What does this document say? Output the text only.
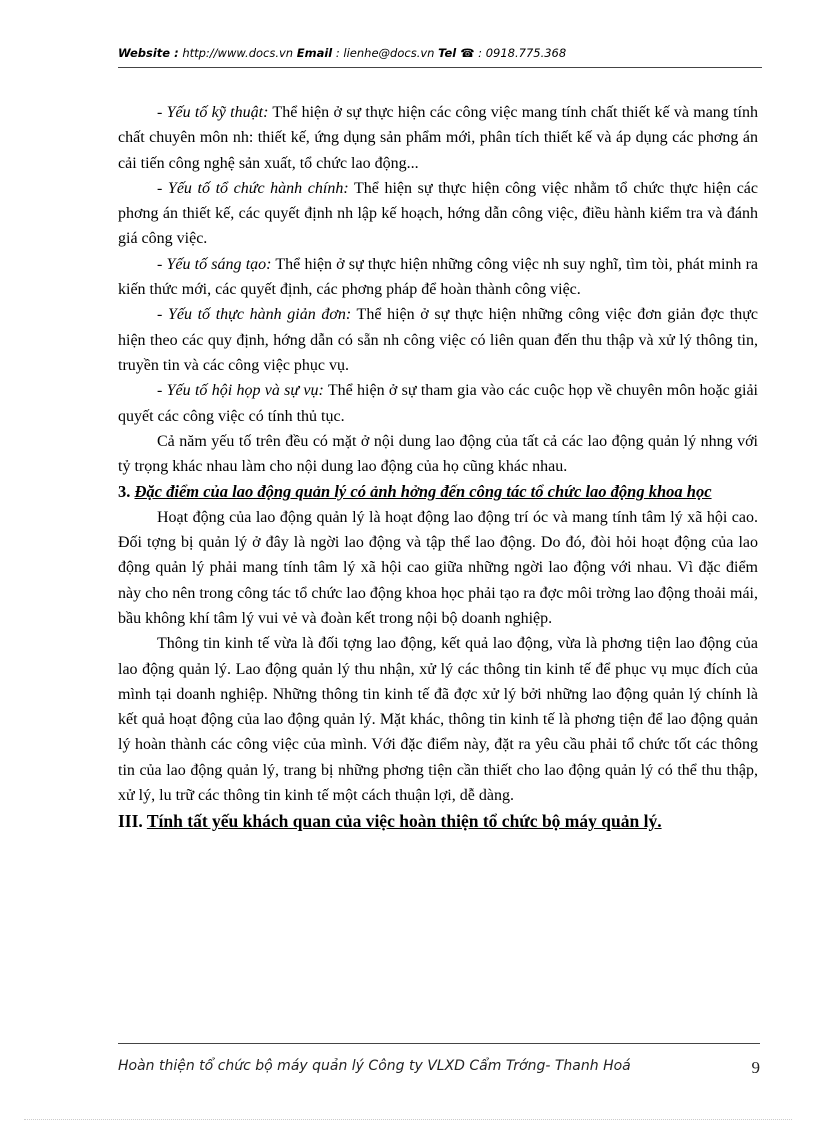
Website : http://www.docs.vn Email : lienhe@docs.vn Tel ☎ : 0918.775.368

- Yếu tố kỹ thuật: Thể hiện ở sự thực hiện các công việc mang tính chất thiết kế và mang tính chất chuyên môn nh: thiết kế, ứng dụng sản phẩm mới, phân tích thiết kế và áp dụng các phơng án cải tiến công nghệ sản xuất, tổ chức lao động...

- Yếu tố tổ chức hành chính: Thể hiện sự thực hiện công việc nhằm tổ chức thực hiện các phơng án thiết kế, các quyết định nh lập kế hoạch, hớng dẫn công việc, điều hành kiểm tra và đánh giá công việc.

- Yếu tố sáng tạo: Thể hiện ở sự thực hiện những công việc nh suy nghĩ, tìm tòi, phát minh ra kiến thức mới, các quyết định, các phơng pháp để hoàn thành công việc.

- Yếu tố thực hành giản đơn: Thể hiện ở sự thực hiện những công việc đơn giản đợc thực hiện theo các quy định, hớng dẫn có sẵn nh công việc có liên quan đến thu thập và xử lý thông tin, truyền tin và các công việc phục vụ.

- Yếu tố hội họp và sự vụ: Thể hiện ở sự tham gia vào các cuộc họp về chuyên môn hoặc giải quyết các công việc có tính thủ tục.

Cả năm yếu tố trên đều có mặt ở nội dung lao động của tất cả các lao động quản lý nhng với tỷ trọng khác nhau làm cho nội dung lao động của họ cũng khác nhau.

3. Đặc điểm của lao động quản lý có ảnh hởng đến công tác tổ chức lao động khoa học

Hoạt động của lao động quản lý là hoạt động lao động trí óc và mang tính tâm lý xã hội cao. Đối tợng bị quản lý ở đây là ngời lao động và tập thể lao động. Do đó, đòi hỏi hoạt động của lao động quản lý phải mang tính tâm lý xã hội cao giữa những ngời lao động với nhau. Vì đặc điểm này cho nên trong công tác tổ chức lao động khoa học phải tạo ra đợc môi trờng lao động thoải mái, bầu không khí tâm lý vui vẻ và đoàn kết trong nội bộ doanh nghiệp.

Thông tin kinh tế vừa là đối tợng lao động, kết quả lao động, vừa là phơng tiện lao động của lao động quản lý. Lao động quản lý thu nhận, xử lý các thông tin kinh tế để phục vụ mục đích của mình tại doanh nghiệp. Những thông tin kinh tế đã đợc xử lý bởi những lao động quản lý chính là kết quả hoạt động của lao động quản lý. Mặt khác, thông tin kinh tế là phơng tiện để lao động quản lý hoàn thành các công việc của mình. Với đặc điểm này, đặt ra yêu cầu phải tổ chức tốt các thông tin của lao động quản lý, trang bị những phơng tiện cần thiết cho lao động quản lý có thể thu thập, xử lý, lu trữ các thông tin kinh tế một cách thuận lợi, dễ dàng.

III. Tính tất yếu khách quan của việc hoàn thiện tổ chức bộ máy quản lý.
Hoàn thiện tổ chức bộ máy quản lý Công ty VLXD Cẩm Trớng- Thanh Hoá	9
